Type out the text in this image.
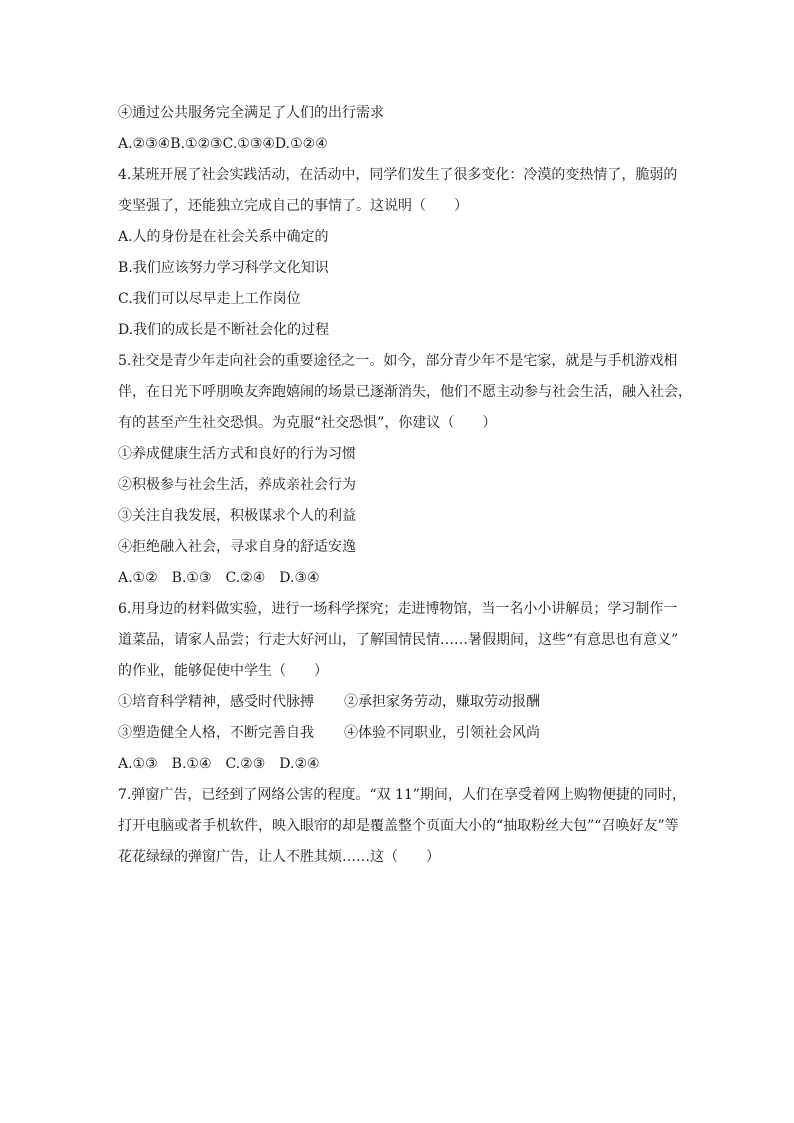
④通过公共服务完全满足了人们的出行需求
A.②③④B.①②③C.①③④D.①②④
4.某班开展了社会实践活动，在活动中，同学们发生了很多变化：冷漠的变热情了，脆弱的
变坚强了，还能独立完成自己的事情了。这说明（　　）
A.人的身份是在社会关系中确定的
B.我们应该努力学习科学文化知识
C.我们可以尽早走上工作岗位
D.我们的成长是不断社会化的过程
5.社交是青少年走向社会的重要途径之一。如今，部分青少年不是宅家，就是与手机游戏相
伴，在日光下呼朋唤友奔跑嬉闹的场景已逐渐消失，他们不愿主动参与社会生活，融入社会，
有的甚至产生社交恐惧。为克服“社交恐惧”，你建议（　　）
①养成健康生活方式和良好的行为习惯
②积极参与社会生活，养成亲社会行为
③关注自我发展，积极谋求个人的利益
④拒绝融入社会，寻求自身的舒适安逸
A.①②　B.①③　C.②④　D.③④
6.用身边的材料做实验，进行一场科学探究；走进博物馆，当一名小小讲解员；学习制作一
道菜品，请家人品尝；行走大好河山，了解国情民情……暑假期间，这些“有意思也有意义”
的作业，能够促使中学生（　　）
①培育科学精神，感受时代脉搏	②承担家务劳动，赚取劳动报酬
③塑造健全人格，不断完善自我	④体验不同职业，引领社会风尚
A.①③　B.①④　C.②③　D.②④
7.弹窗广告，已经到了网络公害的程度。“双 11”期间，人们在享受着网上购物便捷的同时，
打开电脑或者手机软件，映入眼帘的却是覆盖整个页面大小的“抽取粉丝大包”“召唤好友”等
花花绿绿的弹窗广告，让人不胜其烦……这（　　）
